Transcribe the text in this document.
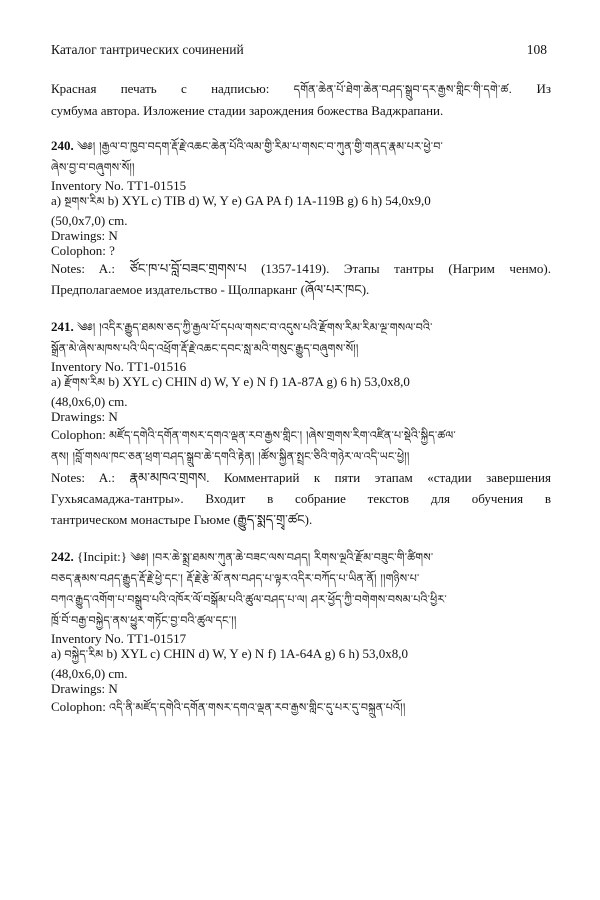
Каталог тантрических сочинений	108
Красная печать с надписью: དགོན་ཆེན་པོ་ཐེག་ཆེན་བཤད་སྒྲུབ་དར་རྒྱས་གླིང་གི་དགེ་ཚ. Из
сумбума автора. Изложение стадии зарождения божества Ваджрапани.
240. ༄༅། །རྒྱལ་བ་ཁྱབ་བདག་རྡོ་རྗེ་འཆང་ཆེན་པོའི་ལམ་གྱི་རིམ་པ་གསང་བ་ཀུན་གྱི་གནད་རྣམ་པར་ཕྱེ་བ་
ཞེས་བྱ་བ་བཞུགས་སོ།།
Inventory No. TT1-01515
a) སྔགས་རིམ b) XYL c) TIB d) W, Y e) GA PA f) 1A-119B g) 6 h) 54,0x9,0
(50,0x7,0) cm.
Drawings: N
Colophon: ?
Notes: A.: ཙོང་ཁ་པ་བློ་བཟང་གྲགས་པ (1357-1419). Этапы тантры (Нагрим ченмо).
Предполагаемое издательство - Щолпарканг (ཞོལ་པར་ཁང).
241. ༄༅། །འདིར་རྒྱུད་ཐམས་ཅད་ཀྱི་རྒྱལ་པོ་དཔལ་གསང་བ་འདུས་པའི་རྫོགས་རིམ་རིམ་ལྔ་གསལ་བའི་
སྒྲོན་མེ་ཞེས་མཁས་པའི་ཡིད་འཕྲོག་རྡོ་རྗེ་འཆང་དབང་སླ་མའི་གསུང་རྒྱུད་བཞུགས་སོ།།
Inventory No. TT1-01516
a) རྫོགས་རིམ b) XYL c) CHIN d) W, Y e) N f) 1A-87A g) 6 h) 53,0x8,0
(48,0x6,0) cm.
Drawings: N
Colophon: མཛོད་དགེའི་དགོན་གསར་དགའ་ལྡན་རབ་རྒྱས་གླིང་། །ཞེས་གྲགས་རིག་འཛིན་པ་སྡེའི་སྐྱིད་ཚལ་
ནས། །བློ་གསལ་ཁང་ཅན་ཕྲག་བཤད་སྒྲུབ་ཆེ་དགའི་རྟེན། །ཚོས་སྐྱིན་སྤྲང་ཅིའི་གཉེར་ལ་འདི་ཡང་ཕྱེ།།
Notes: A.: རྣམ་མཁའ་གྲགས. Комментарий к пяти этапам «стадии завершения
Гухьясамаджа-тантры». Входит в собрание текстов для обучения в
тантрическом монастыре Гьюме (རྒྱུད་སྨད་གྲྭ་ཚང).
242. {Incipit:} ༄༅། །བར་ཆེ་སྨྲ་ཐམས་ཀུན་ཆེ་བཟང་ལས་བཤད། རིགས་ལྔའི་རྫོམ་བཟུང་གི་ཚིགས་
བཅད་རྣམས་བཤད་རྒྱུད་རྡོ་རྗེ་ཕྱེ་དང་། རྡོ་རྗེ་རྩེ་མོ་ནས་བཤད་པ་ལྟར་འདིར་བཀོད་པ་ཡིན་ནོ། །།གཉིས་པ་
བཀའ་རྒྱུད་འགོག་པ་བསྒྲུབ་པའི་འཁོར་ལོ་བསྒོམ་པའི་ཚུལ་བཤད་པ་ལ། ཤར་ཕྱོད་ཀྱི་བགེགས་བསམ་པའི་ཕྱིར་
ཁྲོ་བོ་བརྒྱ་བསྐྱེད་ནས་ཕྱུར་གཏོང་བྱ་བའི་ཚུལ་དང་།།
Inventory No. TT1-01517
a) བསྐྱེད་རིམ b) XYL c) CHIN d) W, Y e) N f) 1A-64A g) 6 h) 53,0x8,0
(48,0x6,0) cm.
Drawings: N
Colophon: འདི་ནི་མཛོད་དགེའི་དགོན་གསར་དགའ་ལྡན་རབ་རྒྱས་གླིང་དུ་པར་དུ་བསྐྲུན་པའོ།།
